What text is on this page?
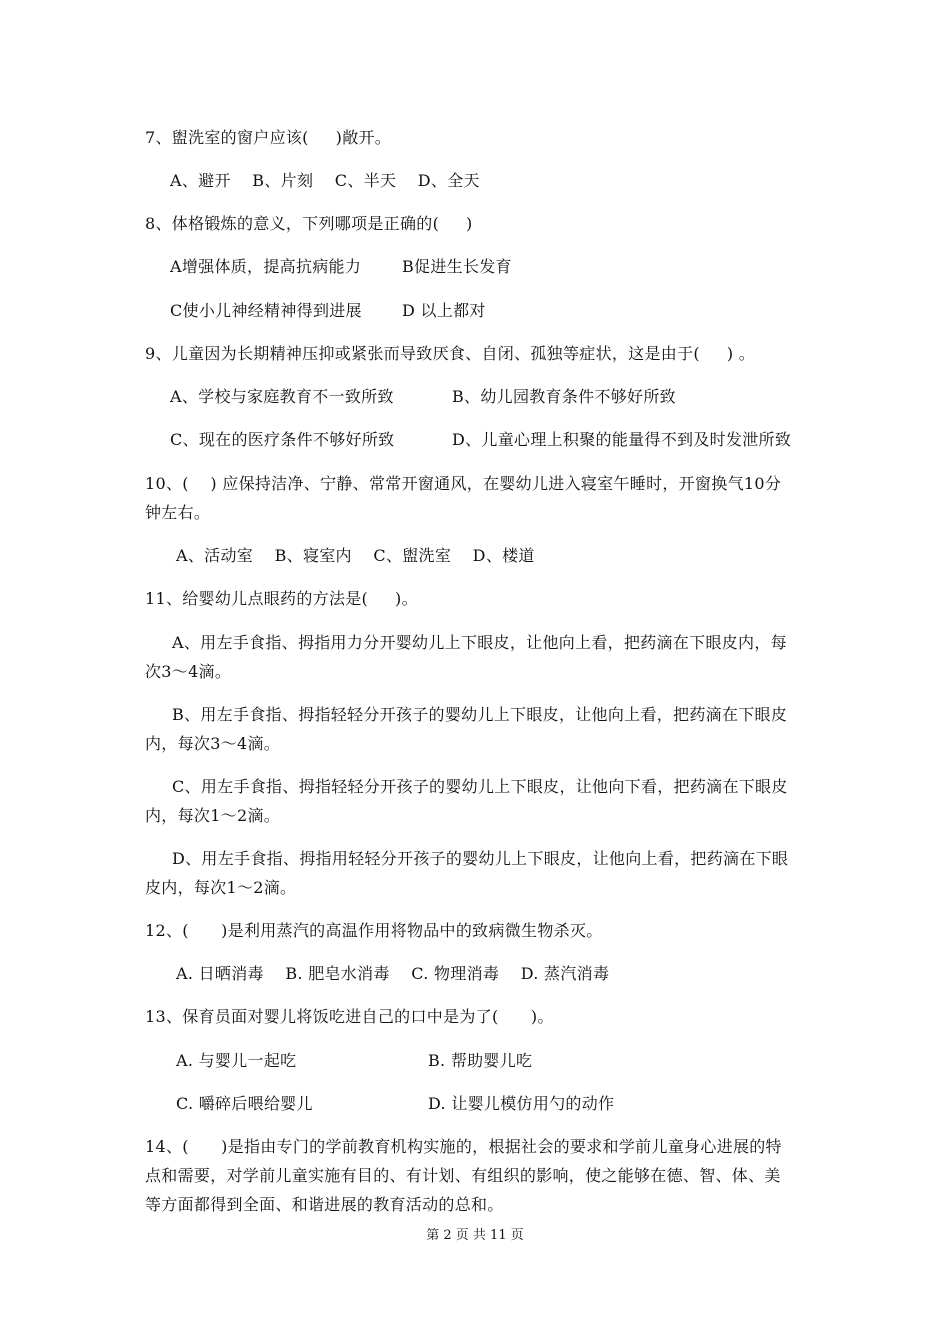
7、盥洗室的窗户应该(     )敞开。
A、避开    B、片刻    C、半天    D、全天
8、体格锻炼的意义，下列哪项是正确的(     )
A增强体质，提高抗病能力	B促进生长发育
C使小儿神经精神得到进展	D 以上都对
9、儿童因为长期精神压抑或紧张而导致厌食、自闭、孤独等症状，这是由于(     ) 。
A、学校与家庭教育不一致所致	B、幼儿园教育条件不够好所致
C、现在的医疗条件不够好所致	D、儿童心理上积聚的能量得不到及时发泄所致
10、(    ) 应保持洁净、宁静、常常开窗通风，在婴幼儿进入寝室午睡时，开窗换气10分
钟左右。
A、活动室    B、寝室内    C、盥洗室    D、楼道
11、给婴幼儿点眼药的方法是(     )。
A、用左手食指、拇指用力分开婴幼儿上下眼皮，让他向上看，把药滴在下眼皮内，每
次3～4滴。
B、用左手食指、拇指轻轻分开孩子的婴幼儿上下眼皮，让他向上看，把药滴在下眼皮
内，每次3～4滴。
C、用左手食指、拇指轻轻分开孩子的婴幼儿上下眼皮，让他向下看，把药滴在下眼皮
内，每次1～2滴。
D、用左手食指、拇指用轻轻分开孩子的婴幼儿上下眼皮，让他向上看，把药滴在下眼
皮内，每次1～2滴。
12、(      )是利用蒸汽的高温作用将物品中的致病微生物杀灭。
A. 日晒消毒    B. 肥皂水消毒    C. 物理消毒    D. 蒸汽消毒
13、保育员面对婴儿将饭吃进自己的口中是为了(      )。
A. 与婴儿一起吃	B. 帮助婴儿吃
C. 嚼碎后喂给婴儿	D. 让婴儿模仿用勺的动作
14、(      )是指由专门的学前教育机构实施的，根据社会的要求和学前儿童身心进展的特
点和需要，对学前儿童实施有目的、有计划、有组织的影响，使之能够在德、智、体、美
等方面都得到全面、和谐进展的教育活动的总和。
第 2 页 共 11 页
